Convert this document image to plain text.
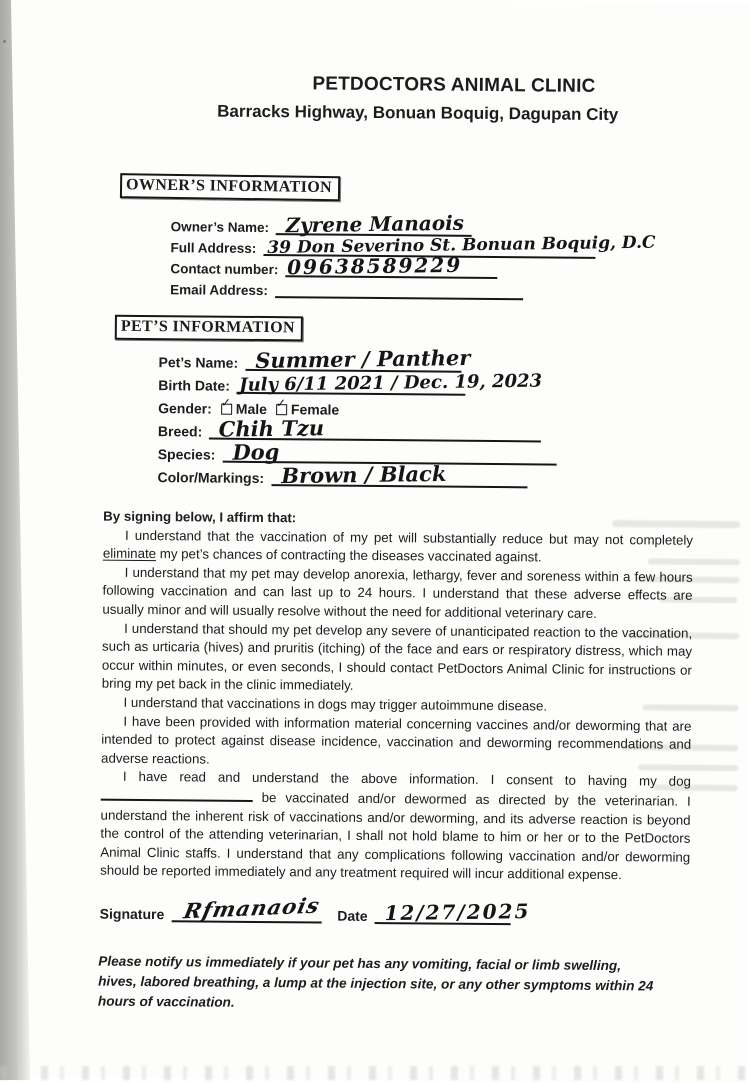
PETDOCTORS ANIMAL CLINIC
Barracks Highway, Bonuan Boquig, Dagupan City
OWNER’S INFORMATION
Owner’s Name: Zyrene Manaois
Full Address: 39 Don Severino St. Bonuan Boquig, D.C
Contact number: 09638589229
Email Address:
PET’S INFORMATION
Pet’s Name: Summer / Panther
Birth Date: July 6/11 2021 / Dec. 19, 2023
Gender: ✓ Male ✓ Female
Breed: Chih Tzu
Species: Dog
Color/Markings: Brown / Black
By signing below, I affirm that:

I understand that the vaccination of my pet will substantially reduce but may not completely eliminate my pet’s chances of contracting the diseases vaccinated against.

I understand that my pet may develop anorexia, lethargy, fever and soreness within a few hours following vaccination and can last up to 24 hours. I understand that these adverse effects are usually minor and will usually resolve without the need for additional veterinary care.

I understand that should my pet develop any severe of unanticipated reaction to the vaccination, such as urticaria (hives) and pruritis (itching) of the face and ears or respiratory distress, which may occur within minutes, or even seconds, I should contact PetDoctors Animal Clinic for instructions or bring my pet back in the clinic immediately.

I understand that vaccinations in dogs may trigger autoimmune disease.

I have been provided with information material concerning vaccines and/or deworming that are intended to protect against disease incidence, vaccination and deworming recommendations and adverse reactions.

I have read and understand the above information. I consent to having my dog  be vaccinated and/or dewormed as directed by the veterinarian. I understand the inherent risk of vaccinations and/or deworming, and its adverse reaction is beyond the control of the attending veterinarian, I shall not hold blame to him or her or to the PetDoctors Animal Clinic staffs. I understand that any complications following vaccination and/or deworming should be reported immediately and any treatment required will incur additional expense.

Signature Rfmanaois Date 12/27/2025
Please notify us immediately if your pet has any vomiting, facial or limb swelling, hives, labored breathing, a lump at the injection site, or any other symptoms within 24 hours of vaccination.
